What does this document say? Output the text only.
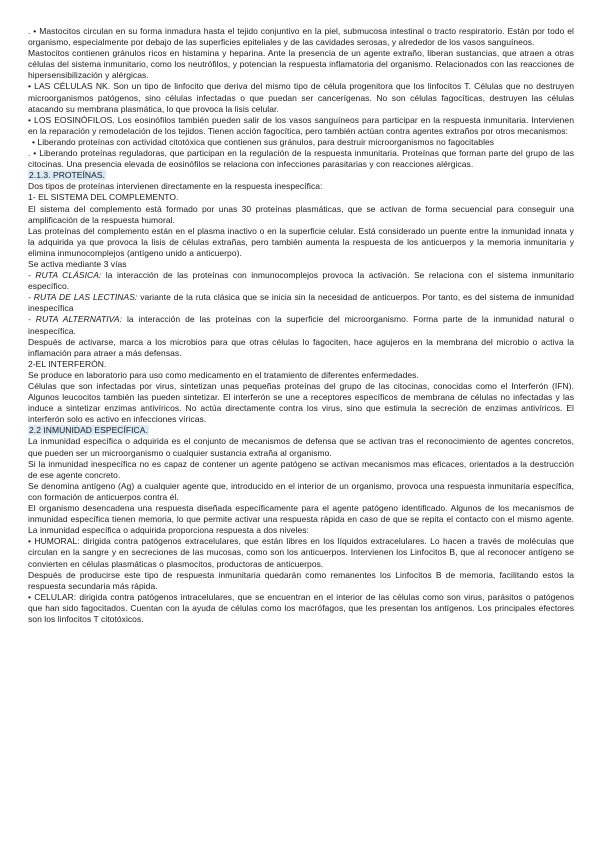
. • Mastocitos circulan en su forma inmadura hasta el tejido conjuntivo en la piel, submucosa intestinal o tracto respiratorio. Están por todo el organismo, especialmente por debajo de las superficies epiteliales y de las cavidades serosas, y alrededor de los vasos sanguíneos.

Mastocitos contienen gránulos ricos en histamina y heparina. Ante la presencia de un agente extraño, liberan sustancias, que atraen a otras células del sistema inmunitario, como los neutrófilos, y potencian la respuesta inflamatoria del organismo. Relacionados con las reacciones de hipersensibilización y alérgicas.

• LAS CÉLULAS NK. Son un tipo de linfocito que deriva del mismo tipo de célula progenitora que los linfocitos T. Células que no destruyen microorganismos patógenos, sino células infectadas o que puedan ser cancerígenas. No son células fagocíticas, destruyen las células atacando su membrana plasmática, lo que provoca la lisis celular.

• LOS EOSINÓFILOS. Los eosinófilos también pueden salir de los vasos sanguíneos para participar en la respuesta inmunitaria. Intervienen en la reparación y remodelación de los tejidos. Tienen acción fagocítica, pero también actúan contra agentes extraños por otros mecanismos:

• Liberando proteínas con actividad citotóxica que contienen sus gránulos, para destruir microorganismos no fagocitables

. • Liberando proteínas reguladoras, que participan en la regulación de la respuesta inmunitaria. Proteínas que forman parte del grupo de las citocinas. Una presencia elevada de eosinófilos se relaciona con infecciones parasitarias y con reacciones alérgicas.

2.1.3. PROTEÍNAS.

Dos tipos de proteínas intervienen directamente en la respuesta inespecífica:

1- EL SISTEMA DEL COMPLEMENTO.

El sistema del complemento está formado por unas 30 proteínas plasmáticas, que se activan de forma secuencial para conseguir una amplificación de la respuesta humoral.

Las proteínas del complemento están en el plasma inactivo o en la superficie celular. Está considerado un puente entre la inmunidad innata y la adquirida ya que provoca la lisis de células extrañas, pero también aumenta la respuesta de los anticuerpos y la memoria inmunitaria y elimina inmunocomplejos (antígeno unido a anticuerpo).

Se activa mediante 3 vías

- RUTA CLÁSICA: la interacción de las proteínas con inmunocomplejos provoca la activación. Se relaciona con el sistema inmunitario específico.

- RUTA DE LAS LECTINAS: variante de la ruta clásica que se inicia sin la necesidad de anticuerpos. Por tanto, es del sistema de inmunidad inespecífica

- RUTA ALTERNATIVA: la interacción de las proteínas con la superficie del microorganismo. Forma parte de la inmunidad natural o inespecífica.

Después de activarse, marca a los microbios para que otras células lo fagociten, hace agujeros en la membrana del microbio o activa la inflamación para atraer a más defensas.

2-EL INTERFERÓN.

Se produce en laboratorio para uso como medicamento en el tratamiento de diferentes enfermedades.

Células que son infectadas por virus, sintetizan unas pequeñas proteínas del grupo de las citocinas, conocidas como el Interferón (IFN). Algunos leucocitos también las pueden sintetizar. El interferón se une a receptores específicos de membrana de células no infectadas y las induce a sintetizar enzimas antivíricos. No actúa directamente contra los virus, sino que estimula la secreción de enzimas antivíricos. El interferón solo es activo en infecciones víricas.

2.2 INMUNIDAD ESPECÍFICA.

La inmunidad específica o adquirida es el conjunto de mecanismos de defensa que se activan tras el reconocimiento de agentes concretos, que pueden ser un microorganismo o cualquier sustancia extraña al organismo.

Si la inmunidad inespecífica no es capaz de contener un agente patógeno se activan mecanismos mas eficaces, orientados a la destrucción de ese agente concreto.

Se denomina antígeno (Ag) a cualquier agente que, introducido en el interior de un organismo, provoca una respuesta inmunitaria específica, con formación de anticuerpos contra él.

El organismo desencadena una respuesta diseñada específicamente para el agente patógeno identificado. Algunos de los mecanismos de inmunidad específica tienen memoria, lo que permite activar una respuesta rápida en caso de que se repita el contacto con el mismo agente. La inmunidad específica o adquirida proporciona respuesta a dos niveles:

• HUMORAL: dirigida contra patógenos extracelulares, que están libres en los líquidos extracelulares. Lo hacen a través de moléculas que circulan en la sangre y en secreciones de las mucosas, como son los anticuerpos. Intervienen los Linfocitos B, que al reconocer antígeno se convierten en células plasmáticas o plasmocitos, productoras de anticuerpos.

Después de producirse este tipo de respuesta inmunitaria quedarán como remanentes los Linfocitos B de memoria, facilitando estos la respuesta secundaria más rápida.

• CELULAR: dirigida contra patógenos intracelulares, que se encuentran en el interior de las células como son virus, parásitos o patógenos que han sido fagocitados. Cuentan con la ayuda de células como los macrófagos, que les presentan los antígenos. Los principales efectores son los linfocitos T citotóxicos.
